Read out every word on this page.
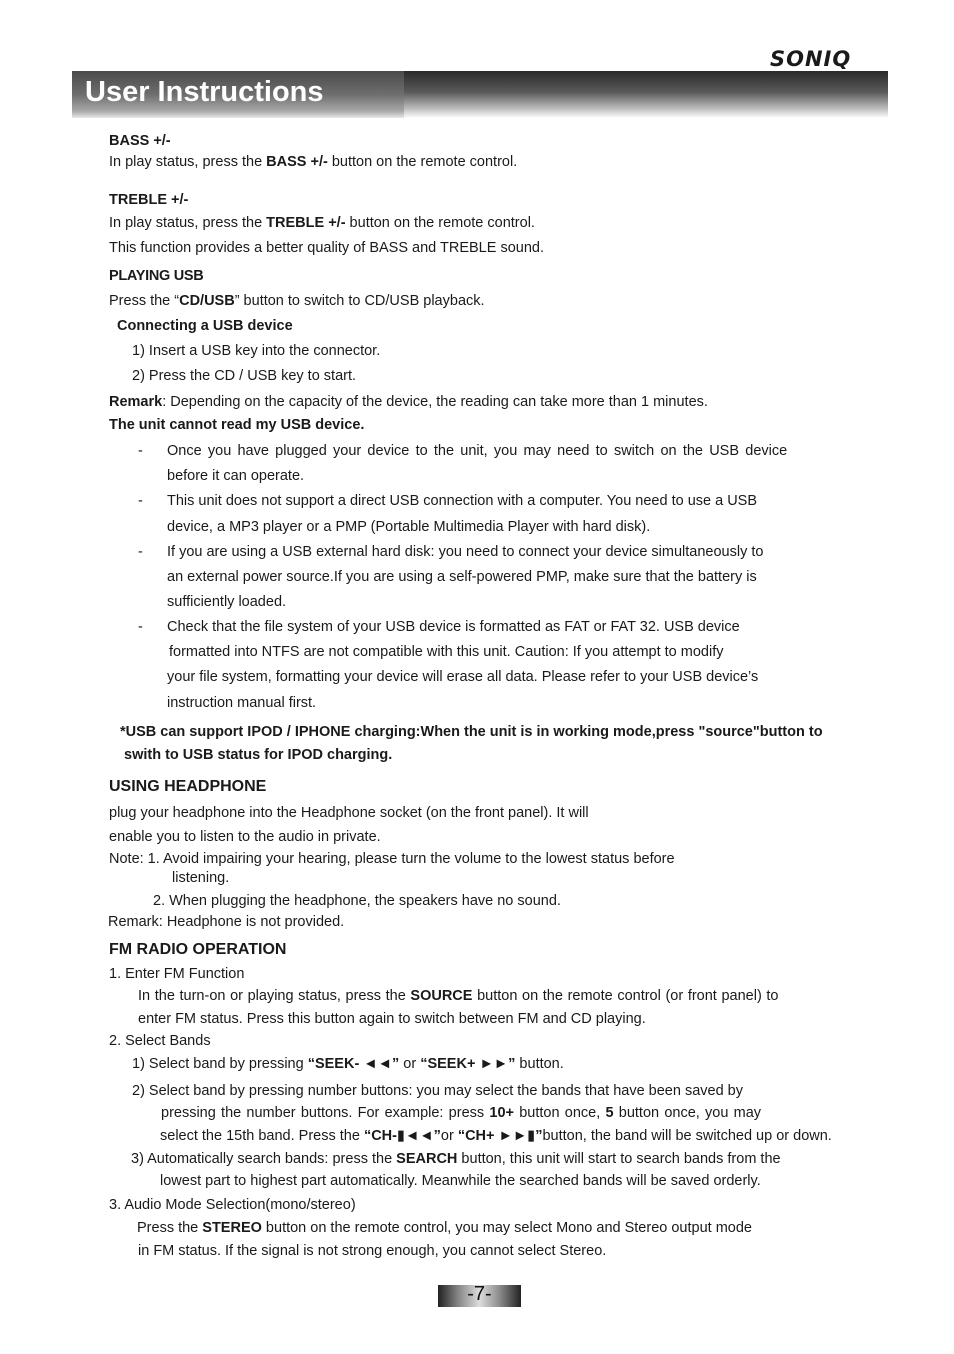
SONIQ
User Instructions
BASS +/-
In play status, press the BASS +/- button on the remote control.
TREBLE +/-
In play status, press the TREBLE +/- button on the remote control.
This function provides a better quality of BASS and TREBLE sound.
PLAYING USB
Press the “CD/USB” button to switch to CD/USB playback.
Connecting a USB device
1) Insert a USB key into the connector.
2) Press the CD / USB key to start.
Remark: Depending on the capacity of the device, the reading can take more than 1 minutes.
The unit cannot read my USB device.
- Once you have plugged your device to the unit, you may need to switch on the USB device
before it can operate.
- This unit does not support a direct USB connection with a computer. You need to use a USB
device, a MP3 player or a PMP (Portable Multimedia Player with hard disk).
- If you are using a USB external hard disk: you need to connect your device simultaneously to
an external power source.If you are using a self-powered PMP, make sure that the battery is
sufficiently loaded.
- Check that the file system of your USB device is formatted as FAT or FAT 32. USB device
formatted into NTFS are not compatible with this unit. Caution: If you attempt to modify
your file system, formatting your device will erase all data. Please refer to your USB device’s
instruction manual first.
*USB can support IPOD / IPHONE charging:When the unit is in working mode,press "source"button to
swith to USB status for IPOD charging.
USING HEADPHONE
plug your headphone into the Headphone socket (on the front panel). It will
enable you to listen to the audio in private.
Note: 1. Avoid impairing your hearing, please turn the volume to the lowest status before
listening.
2. When plugging the headphone, the speakers have no sound.
Remark: Headphone is not provided.
FM RADIO OPERATION
1. Enter FM Function
In the turn-on or playing status, press the SOURCE button on the remote control (or front panel) to
enter FM status. Press this button again to switch between FM and CD playing.
2. Select Bands
1) Select band by pressing “SEEK- ◄◄” or “SEEK+ ►►” button.
2) Select band by pressing number buttons: you may select the bands that have been saved by
pressing the number buttons. For example: press 10+ button once, 5 button once, you may
select the 15th band. Press the “CH-▮◄◄”or “CH+ ►►▮”button, the band will be switched up or down.
3) Automatically search bands: press the SEARCH button, this unit will start to search bands from the
lowest part to highest part automatically. Meanwhile the searched bands will be saved orderly.
3. Audio Mode Selection(mono/stereo)
Press the STEREO button on the remote control, you may select Mono and Stereo output mode
in FM status. If the signal is not strong enough, you cannot select Stereo.
-7-
